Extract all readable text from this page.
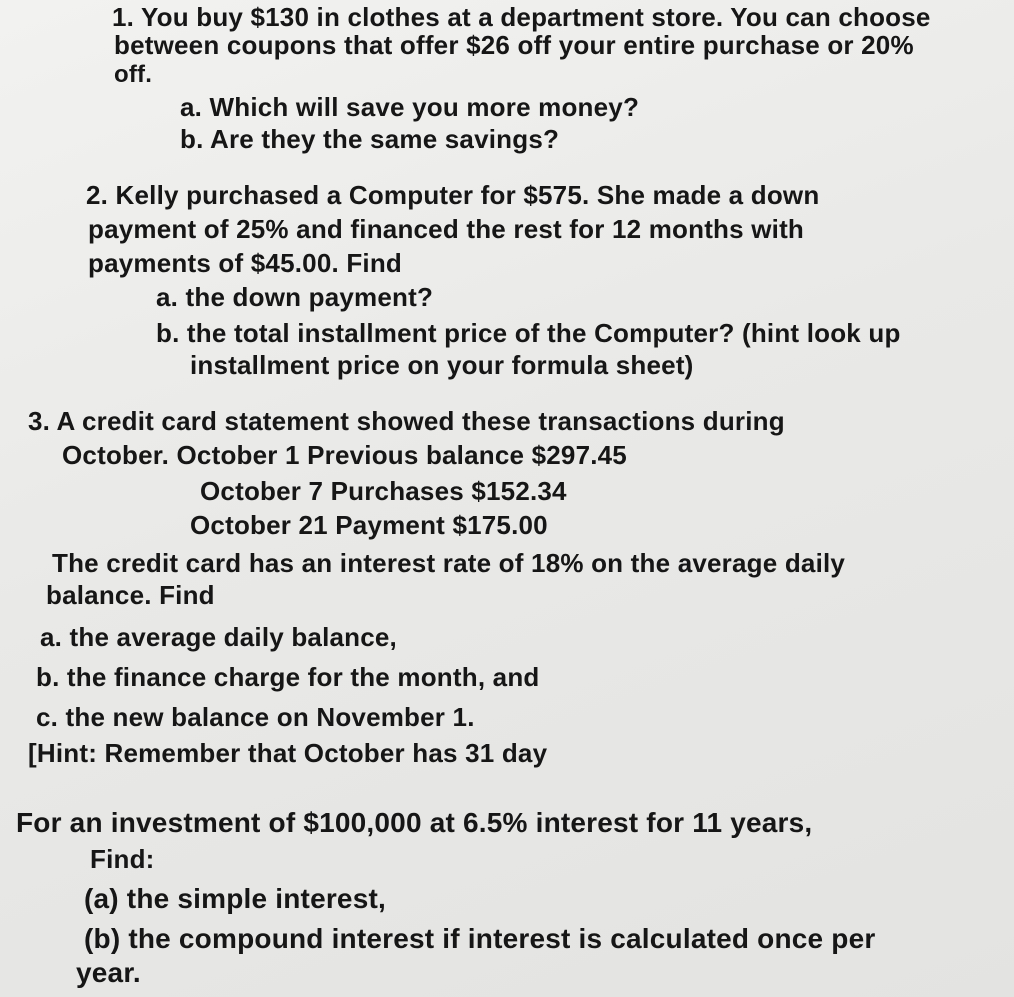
1. You buy $130 in clothes at a department store. You can choose
between coupons that offer $26 off your entire purchase or 20%
off.
a. Which will save you more money?
b. Are they the same savings?
2. Kelly purchased a Computer for $575. She made a down
payment of 25% and financed the rest for 12 months with
payments of $45.00. Find
a. the down payment?
b. the total installment price of the Computer? (hint look up
installment price on your formula sheet)
3. A credit card statement showed these transactions during
October. October 1 Previous balance $297.45
October 7 Purchases $152.34
October 21 Payment $175.00
The credit card has an interest rate of 18% on the average daily
balance. Find
a. the average daily balance,
b. the finance charge for the month, and
c. the new balance on November 1.
[Hint: Remember that October has 31 day
For an investment of $100,000 at 6.5% interest for 11 years,
Find:
(a) the simple interest,
(b) the compound interest if interest is calculated once per
year.
